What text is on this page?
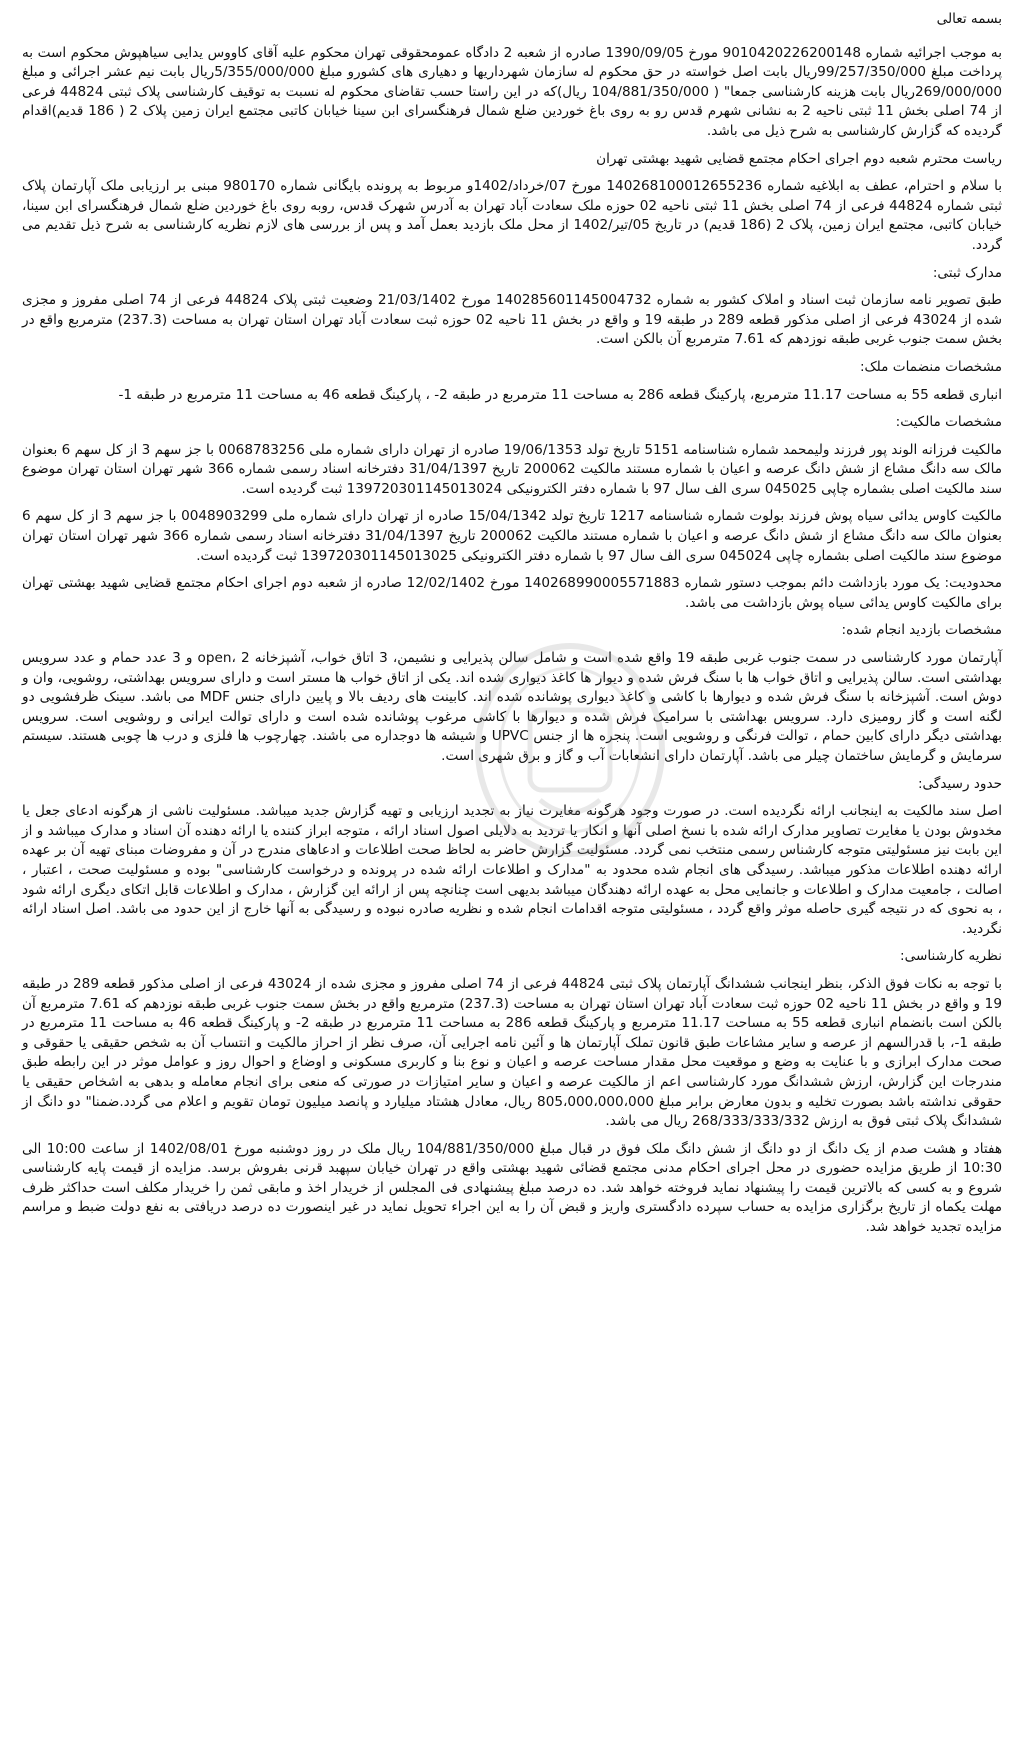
بسمه تعالی

به موجب اجرائیه شماره 9010420226200148 مورخ 1390/09/05 صادره از شعبه 2 دادگاه عمومحقوقی تهران محکوم علیه آقای کاووس یدایی سیاهپوش محکوم است به پرداخت مبلغ 99/257/350/000ریال بابت اصل خواسته در حق محکوم له سازمان شهرداریها و دهیاری های کشورو مبلغ 5/355/000/000ریال بابت نیم عشر اجرائی و مبلغ 269/000/000ریال بابت هزینه کارشناسی جمعا" ( 104/881/350/000 ریال)که در این راستا حسب تقاضای محکوم له نسبت به توقیف کارشناسی پلاک ثبتی 44824 فرعی از 74 اصلی بخش 11 ثبتی ناحیه 2 به نشانی شهرم قدس رو به روی باغ خوردین ضلع شمال فرهنگسرای ابن سینا خیابان کاتبی مجتمع ایران زمین پلاک 2 ( 186 قدیم)اقدام گردیده که گزارش کارشناسی به شرح ذیل می باشد.

ریاست محترم شعبه دوم اجرای احکام مجتمع قضایی شهید بهشتی تهران

با سلام و احترام، عطف به ابلاغیه شماره 140268100012655236 مورخ 07/خرداد/1402و مربوط به پرونده بایگانی شماره 980170 مبنی بر ارزیابی ملک آپارتمان پلاک ثبتی شماره 44824 فرعی از 74 اصلی بخش 11 ثبتی ناحیه 02 حوزه ملک سعادت آباد تهران به آدرس شهرک قدس، روبه روی باغ خوردین ضلع شمال فرهنگسرای ابن سینا، خیابان کاتبی، مجتمع ایران زمین، پلاک 2 (186 قدیم) در تاریخ 05/تیر/1402 از محل ملک بازدید بعمل آمد و پس از بررسی های لازم نظریه کارشناسی به شرح ذیل تقدیم می گردد.

مدارک ثبتی:

طبق تصویر نامه سازمان ثبت اسناد و املاک کشور به شماره 140285601145004732 مورخ 21/03/1402 وضعیت ثبتی پلاک 44824 فرعی از 74 اصلی مفروز و مجزی شده از 43024 فرعی از اصلی مذکور قطعه 289 در طبقه 19 و واقع در بخش 11 ناحیه 02 حوزه ثبت سعادت آباد تهران استان تهران به مساحت (237.3) مترمربع واقع در بخش سمت جنوب غربی طبقه نوزدهم که 7.61 مترمربع آن بالکن است.

مشخصات منضمات ملک:

انباری قطعه 55 به مساحت 11.17 مترمربع، پارکینگ قطعه 286 به مساحت 11 مترمربع در طبقه 2- ، پارکینگ قطعه 46 به مساحت 11 مترمربع در طبقه 1-

مشخصات مالکیت:

مالکیت فرزانه الوند پور فرزند ولیمحمد شماره شناسنامه 5151 تاریخ تولد 19/06/1353 صادره از تهران دارای شماره ملی 0068783256 با جز سهم 3 از کل سهم 6 بعنوان مالک سه دانگ مشاع از شش دانگ عرصه و اعیان با شماره مستند مالکیت 200062 تاریخ 31/04/1397 دفترخانه اسناد رسمی شماره 366 شهر تهران استان تهران موضوع سند مالکیت اصلی بشماره چاپی 045025 سری الف سال 97 با شماره دفتر الکترونیکی 139720301145013024 ثبت گردیده است.

مالکیت کاوس یدائی سیاه پوش فرزند بولوت شماره شناسنامه 1217 تاریخ تولد 15/04/1342 صادره از تهران دارای شماره ملی 0048903299 با جز سهم 3 از کل سهم 6 بعنوان مالک سه دانگ مشاع از شش دانگ عرصه و اعیان با شماره مستند مالکیت 200062 تاریخ 31/04/1397 دفترخانه اسناد رسمی شماره 366 شهر تهران استان تهران موضوع سند مالکیت اصلی بشماره چاپی 045024 سری الف سال 97 با شماره دفتر الکترونیکی 139720301145013025 ثبت گردیده است.

محدودیت: یک مورد بازداشت دائم بموجب دستور شماره 140268990005571883 مورخ 12/02/1402 صادره از شعبه دوم اجرای احکام مجتمع قضایی شهید بهشتی تهران برای مالکیت کاوس یدائی سیاه پوش بازداشت می باشد.

مشخصات بازدید انجام شده:

آپارتمان مورد کارشناسی در سمت جنوب غربی طبقه 19 واقع شده است و شامل سالن پذیرایی و نشیمن، 3 اتاق خواب، آشپزخانه open، 2 و 3 عدد حمام و عدد سرویس بهداشتی است. سالن پذیرایی و اتاق خواب ها با سنگ فرش شده و دیوار ها کاغذ دیواری شده اند. یکی از اتاق خواب ها مستر است و دارای سرویس بهداشتی، روشویی، وان و دوش است. آشپزخانه با سنگ فرش شده و دیوارها با کاشی و کاغذ دیواری پوشانده شده اند. کابینت های ردیف بالا و پایین دارای جنس MDF می باشد. سینک ظرفشویی دو لگنه است و گاز رومیزی دارد. سرویس بهداشتی با سرامیک فرش شده و دیوارها با کاشی مرغوب پوشانده شده است و دارای توالت ایرانی و روشویی است. سرویس بهداشتی دیگر دارای کابین حمام ، توالت فرنگی و روشویی است. پنجره ها از جنس UPVC و شیشه ها دوجداره می باشند. چهارچوب ها فلزی و درب ها چوبی هستند. سیستم سرمایش و گرمایش ساختمان چیلر می باشد. آپارتمان دارای انشعابات آب و گاز و برق شهری است.

حدود رسیدگی:

اصل سند مالکیت به اینجانب ارائه نگردیده است. در صورت وجود هرگونه مغایرت نیاز به تجدید ارزیابی و تهیه گزارش جدید میباشد. مسئولیت ناشی از هرگونه ادعای جعل یا مخدوش بودن یا مغایرت تصاویر مدارک ارائه شده با نسخ اصلی آنها و انکار یا تردید به دلایلی اصول اسناد ارائه ، متوجه ابراز کننده یا ارائه دهنده آن اسناد و مدارک میباشد و از این بابت نیز مسئولیتی متوجه کارشناس رسمی منتخب نمی گردد. مسئولیت گزارش حاضر به لحاظ صحت اطلاعات و ادعاهای مندرج در آن و مفروضات مبنای تهیه آن بر عهده ارائه دهنده اطلاعات مذکور میباشد. رسیدگی های انجام شده محدود به "مدارک و اطلاعات ارائه شده در پرونده و درخواست کارشناسی" بوده و مسئولیت صحت ، اعتبار ، اصالت ، جامعیت مدارک و اطلاعات و جانمایی محل به عهده ارائه دهندگان میباشد بدیهی است چنانچه پس از ارائه این گزارش ، مدارک و اطلاعات قابل اتکای دیگری ارائه شود ، به نحوی که در نتیجه گیری حاصله موثر واقع گردد ، مسئولیتی متوجه اقدامات انجام شده و نظریه صادره نبوده و رسیدگی به آنها خارج از این حدود می باشد. اصل اسناد ارائه نگردید.

نظریه کارشناسی:

با توجه به نکات فوق الذکر، بنظر اینجانب ششدانگ آپارتمان پلاک ثبتی 44824 فرعی از 74 اصلی مفروز و مجزی شده از 43024 فرعی از اصلی مذکور قطعه 289 در طبقه 19 و واقع در بخش 11 ناحیه 02 حوزه ثبت سعادت آباد تهران استان تهران به مساحت (237.3) مترمربع واقع در بخش سمت جنوب غربی طبقه نوزدهم که 7.61 مترمربع آن بالکن است بانضمام انباری قطعه 55 به مساحت 11.17 مترمربع و پارکینگ قطعه 286 به مساحت 11 مترمربع در طبقه 2- و پارکینگ قطعه 46 به مساحت 11 مترمربع در طبقه 1-، با قدرالسهم از عرصه و سایر مشاعات طبق قانون تملک آپارتمان ها و آئین نامه اجرایی آن، صرف نظر از احراز مالکیت و انتساب آن به شخص حقیقی یا حقوقی و صحت مدارک ابرازی و با عنایت به وضع و موقعیت محل مقدار مساحت عرصه و اعیان و نوع بنا و کاربری مسکونی و اوضاع و احوال روز و عوامل موثر در این رابطه طبق مندرجات این گزارش، ارزش ششدانگ مورد کارشناسی اعم از مالکیت عرصه و اعیان و سایر امتیازات در صورتی که منعی برای انجام معامله و بدهی به اشخاص حقیقی یا حقوقی نداشته باشد بصورت تخلیه و بدون معارض برابر مبلغ 805،000،000،000 ریال، معادل هشتاد میلیارد و پانصد میلیون تومان تقویم و اعلام می گردد.ضمنا" دو دانگ از ششدانگ پلاک ثبتی فوق به ارزش 268/333/333/332 ریال می باشد.

هفتاد و هشت صدم از یک دانگ از دو دانگ از شش دانگ ملک فوق در قبال مبلغ 104/881/350/000 ریال ملک در روز دوشنبه مورخ 1402/08/01 از ساعت 10:00 الی 10:30 از طریق مزایده حضوری در محل اجرای احکام مدنی مجتمع قضائی شهید بهشتی واقع در تهران خیابان سپهبد قرنی بفروش برسد. مزایده از قیمت پایه کارشناسی شروع و به کسی که بالاترین قیمت را پیشنهاد نماید فروخته خواهد شد. ده درصد مبلغ پیشنهادی فی المجلس از خریدار اخذ و مابقی ثمن را خریدار مکلف است حداکثر ظرف مهلت یکماه از تاریخ برگزاری مزایده به حساب سپرده دادگستری واریز و قبض آن را به این اجراء تحویل نماید در غیر اینصورت ده درصد دریافتی به نفع دولت ضبط و مراسم مزایده تجدید خواهد شد.
